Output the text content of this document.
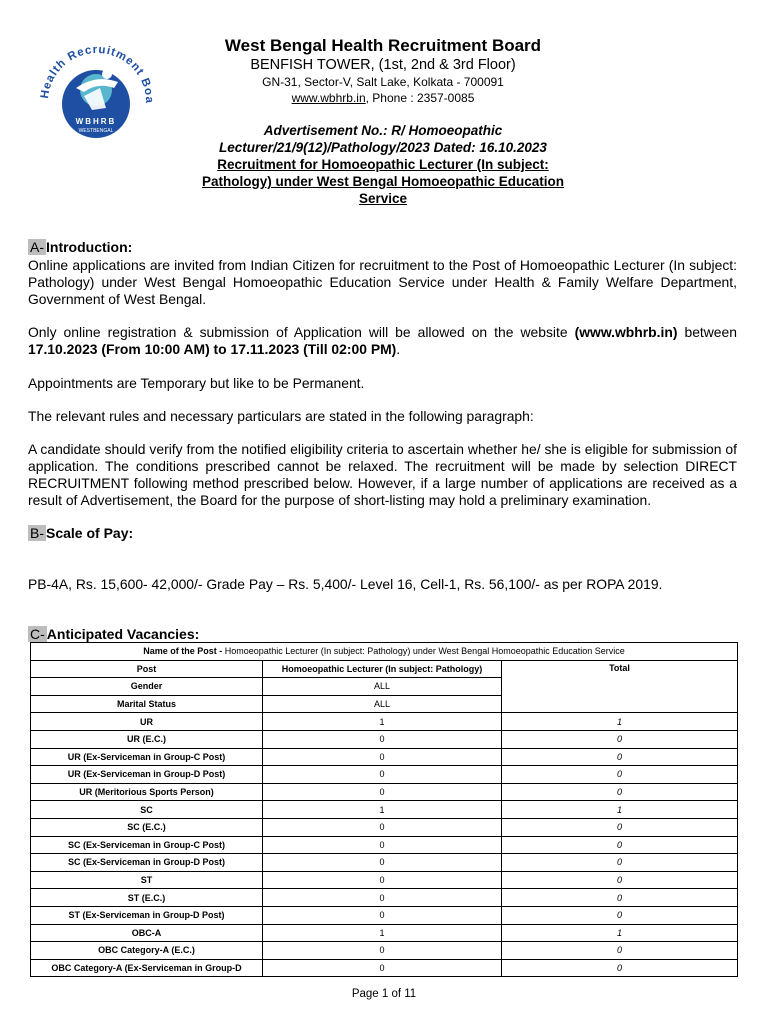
Health Recruitment Boa
WBHRB
WESTBENGAL
West Bengal Health Recruitment Board
BENFISH TOWER, (1st, 2nd & 3rd Floor)
GN-31, Sector-V, Salt Lake, Kolkata - 700091
www.wbhrb.in, Phone : 2357-0085
Advertisement No.: R/ Homoeopathic
Lecturer/21/9(12)/Pathology/2023 Dated: 16.10.2023
Recruitment for Homoeopathic Lecturer (In subject:
Pathology) under West Bengal Homoeopathic Education
Service
A- Introduction:
Online applications are invited from Indian Citizen for recruitment to the Post of Homoeopathic Lecturer (In subject: Pathology) under West Bengal Homoeopathic Education Service under Health & Family Welfare Department, Government of West Bengal.
Only online registration & submission of Application will be allowed on the website (www.wbhrb.in) between 17.10.2023 (From 10:00 AM) to 17.11.2023 (Till 02:00 PM).
Appointments are Temporary but like to be Permanent.
The relevant rules and necessary particulars are stated in the following paragraph:
A candidate should verify from the notified eligibility criteria to ascertain whether he/ she is eligible for submission of application. The conditions prescribed cannot be relaxed. The recruitment will be made by selection DIRECT RECRUITMENT following method prescribed below. However, if a large number of applications are received as a result of Advertisement, the Board for the purpose of short-listing may hold a preliminary examination.
B- Scale of Pay:
PB-4A, Rs. 15,600- 42,000/- Grade Pay – Rs. 5,400/- Level 16, Cell-1, Rs. 56,100/- as per ROPA 2019.
C- Anticipated Vacancies:
Name of the Post - Homoeopathic Lecturer (In subject: Pathology) under West Bengal Homoeopathic Education Service		
Post	Homoeopathic Lecturer (In subject: Pathology)	Total
Gender	ALL	
Marital Status	ALL	
UR	1	1
UR (E.C.)	0	0
UR (Ex-Serviceman in Group-C Post)	0	0
UR (Ex-Serviceman in Group-D Post)	0	0
UR (Meritorious Sports Person)	0	0
SC	1	1
SC (E.C.)	0	0
SC (Ex-Serviceman in Group-C Post)	0	0
SC (Ex-Serviceman in Group-D Post)	0	0
ST	0	0
ST (E.C.)	0	0
ST (Ex-Serviceman in Group-D Post)	0	0
OBC-A	1	1
OBC Category-A (E.C.)	0	0
OBC Category-A (Ex-Serviceman in Group-D	0	0
Page 1 of 11
